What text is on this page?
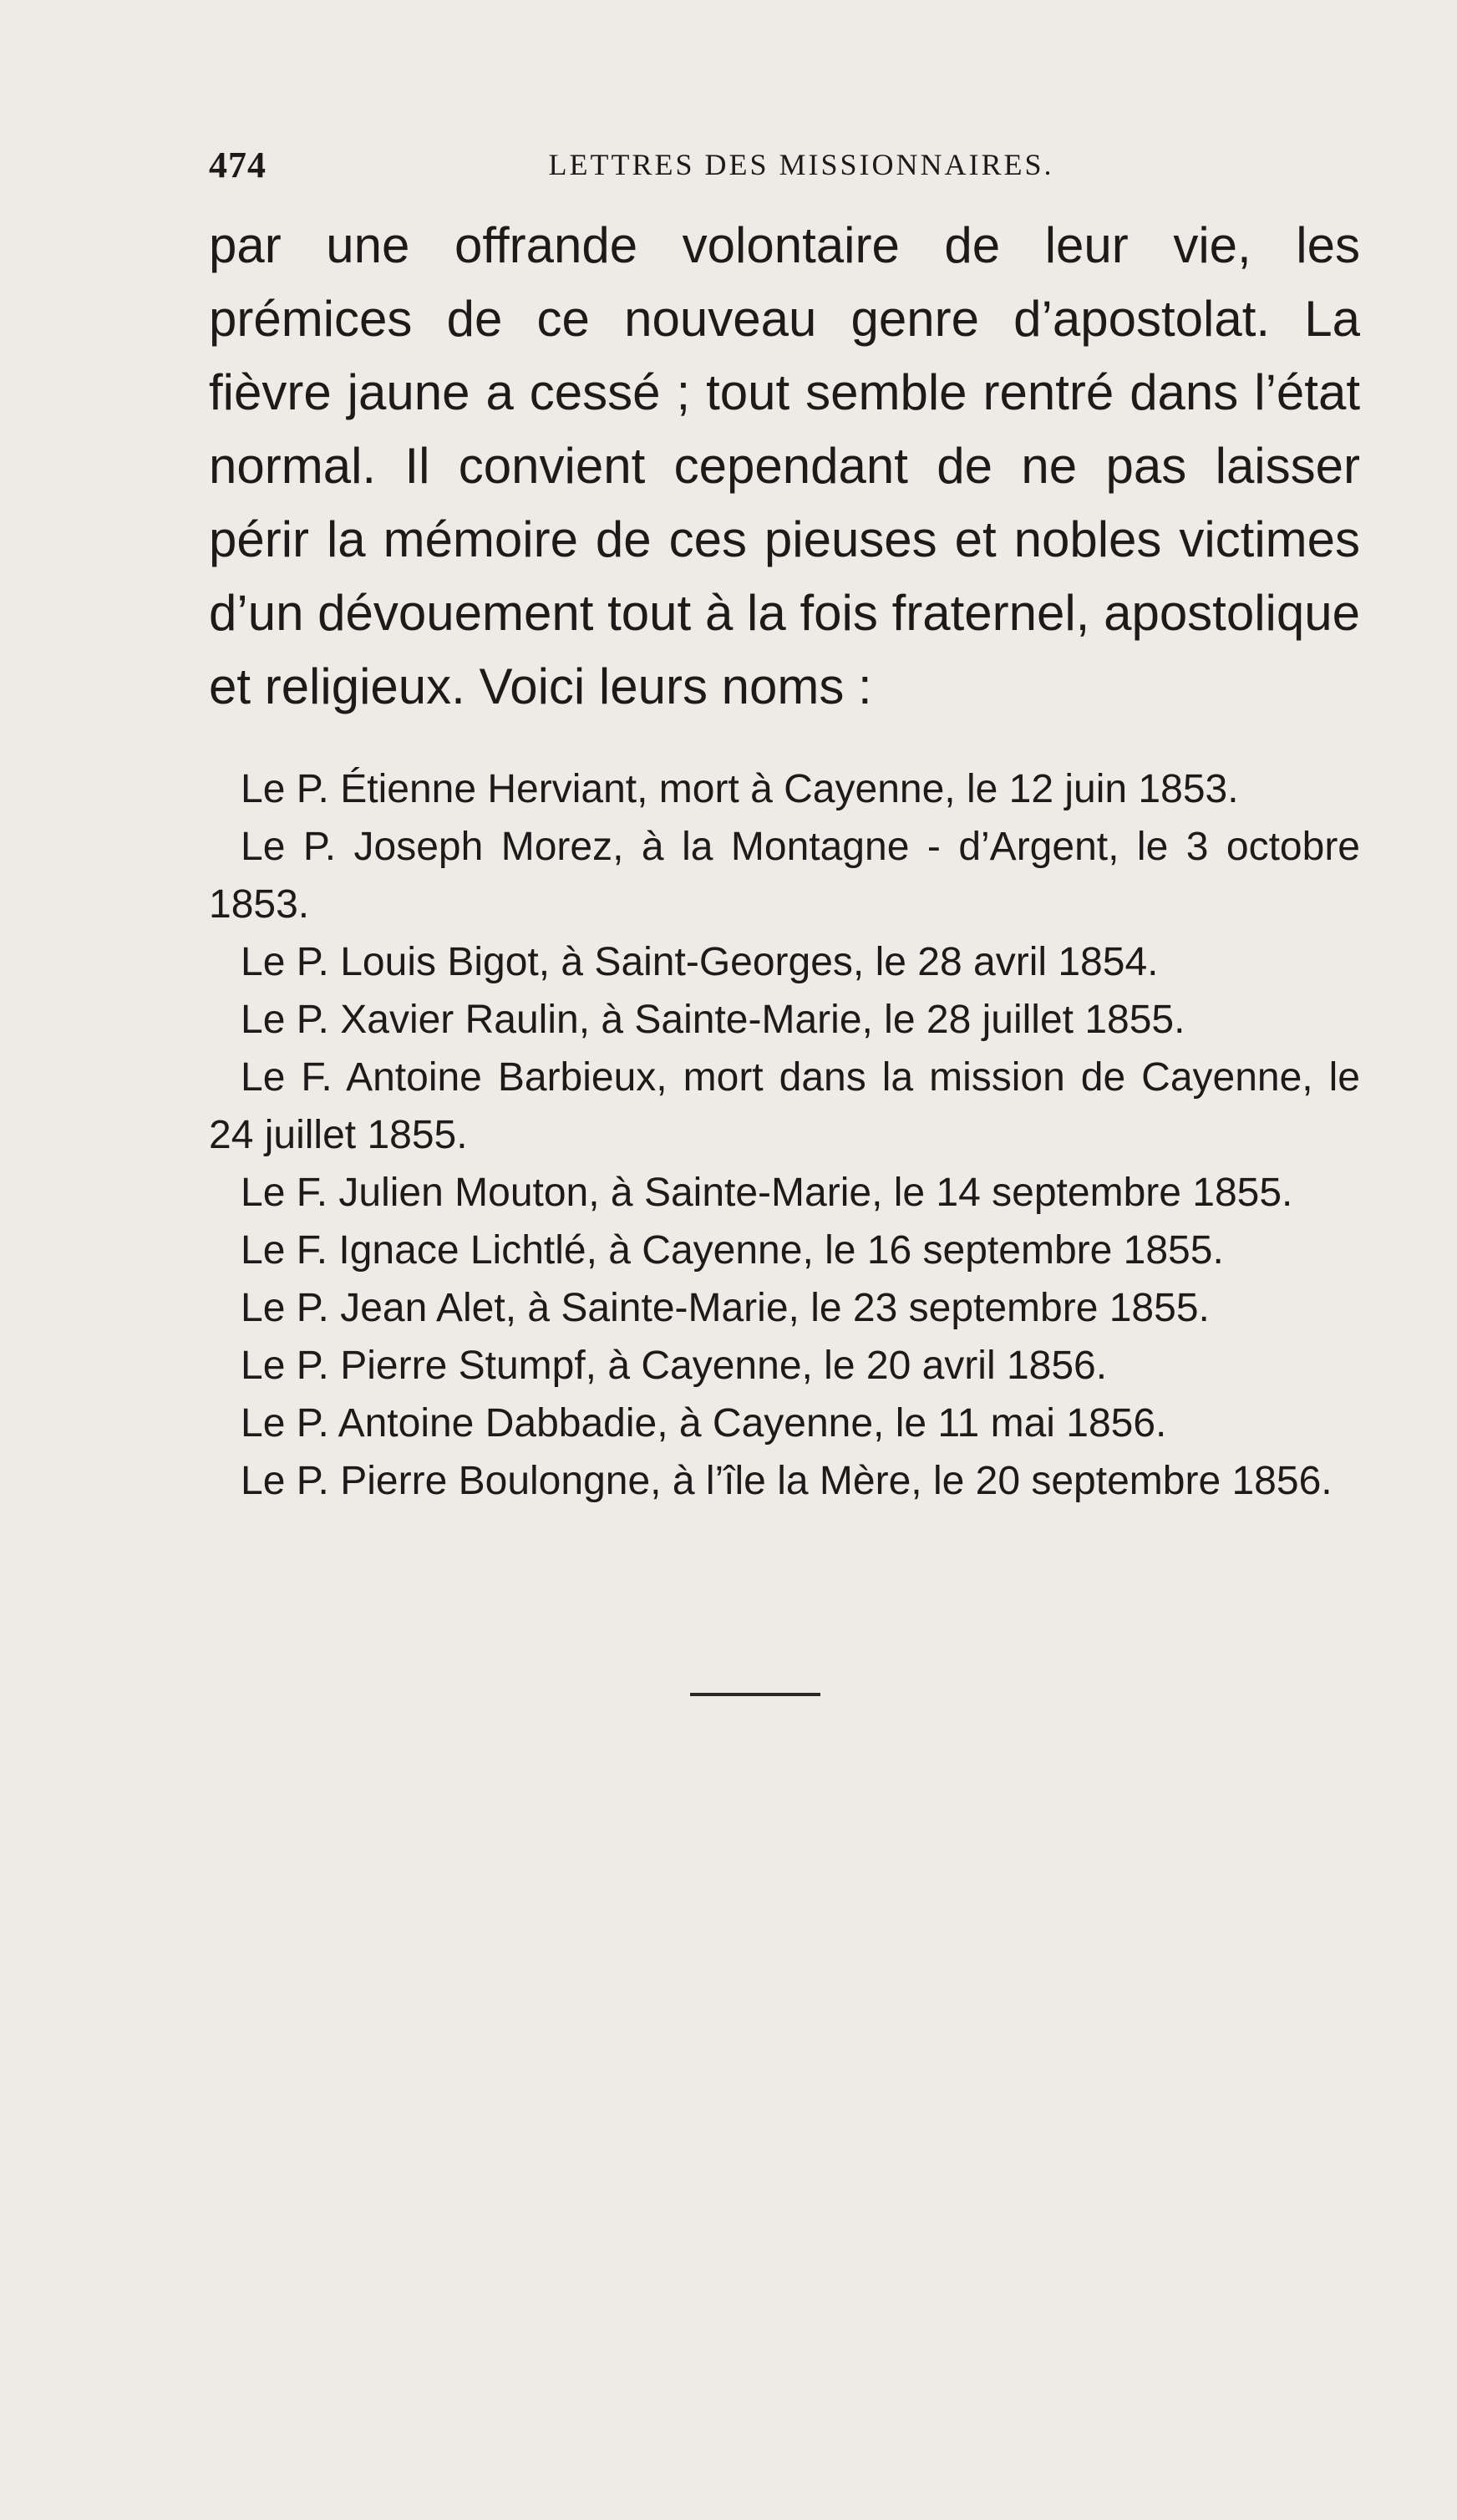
474	LETTRES DES MISSIONNAIRES.

par une offrande volontaire de leur vie, les prémices de ce nouveau genre d’apostolat. La fièvre jaune a cessé ; tout semble rentré dans l’état normal. Il convient cependant de ne pas laisser périr la mémoire de ces pieuses et nobles victimes d’un dévouement tout à la fois fraternel, apostolique et religieux. Voici leurs noms :

Le P. Étienne Herviant, mort à Cayenne, le 12 juin 1853.

Le P. Joseph Morez, à la Montagne - d’Argent, le 3 octobre 1853.

Le P. Louis Bigot, à Saint-Georges, le 28 avril 1854.

Le P. Xavier Raulin, à Sainte-Marie, le 28 juillet 1855.

Le F. Antoine Barbieux, mort dans la mission de Cayenne, le 24 juillet 1855.

Le F. Julien Mouton, à Sainte-Marie, le 14 septembre 1855.

Le F. Ignace Lichtlé, à Cayenne, le 16 septembre 1855.

Le P. Jean Alet, à Sainte-Marie, le 23 septembre 1855.

Le P. Pierre Stumpf, à Cayenne, le 20 avril 1856.

Le P. Antoine Dabbadie, à Cayenne, le 11 mai 1856.

Le P. Pierre Boulongne, à l’île la Mère, le 20 septembre 1856.
